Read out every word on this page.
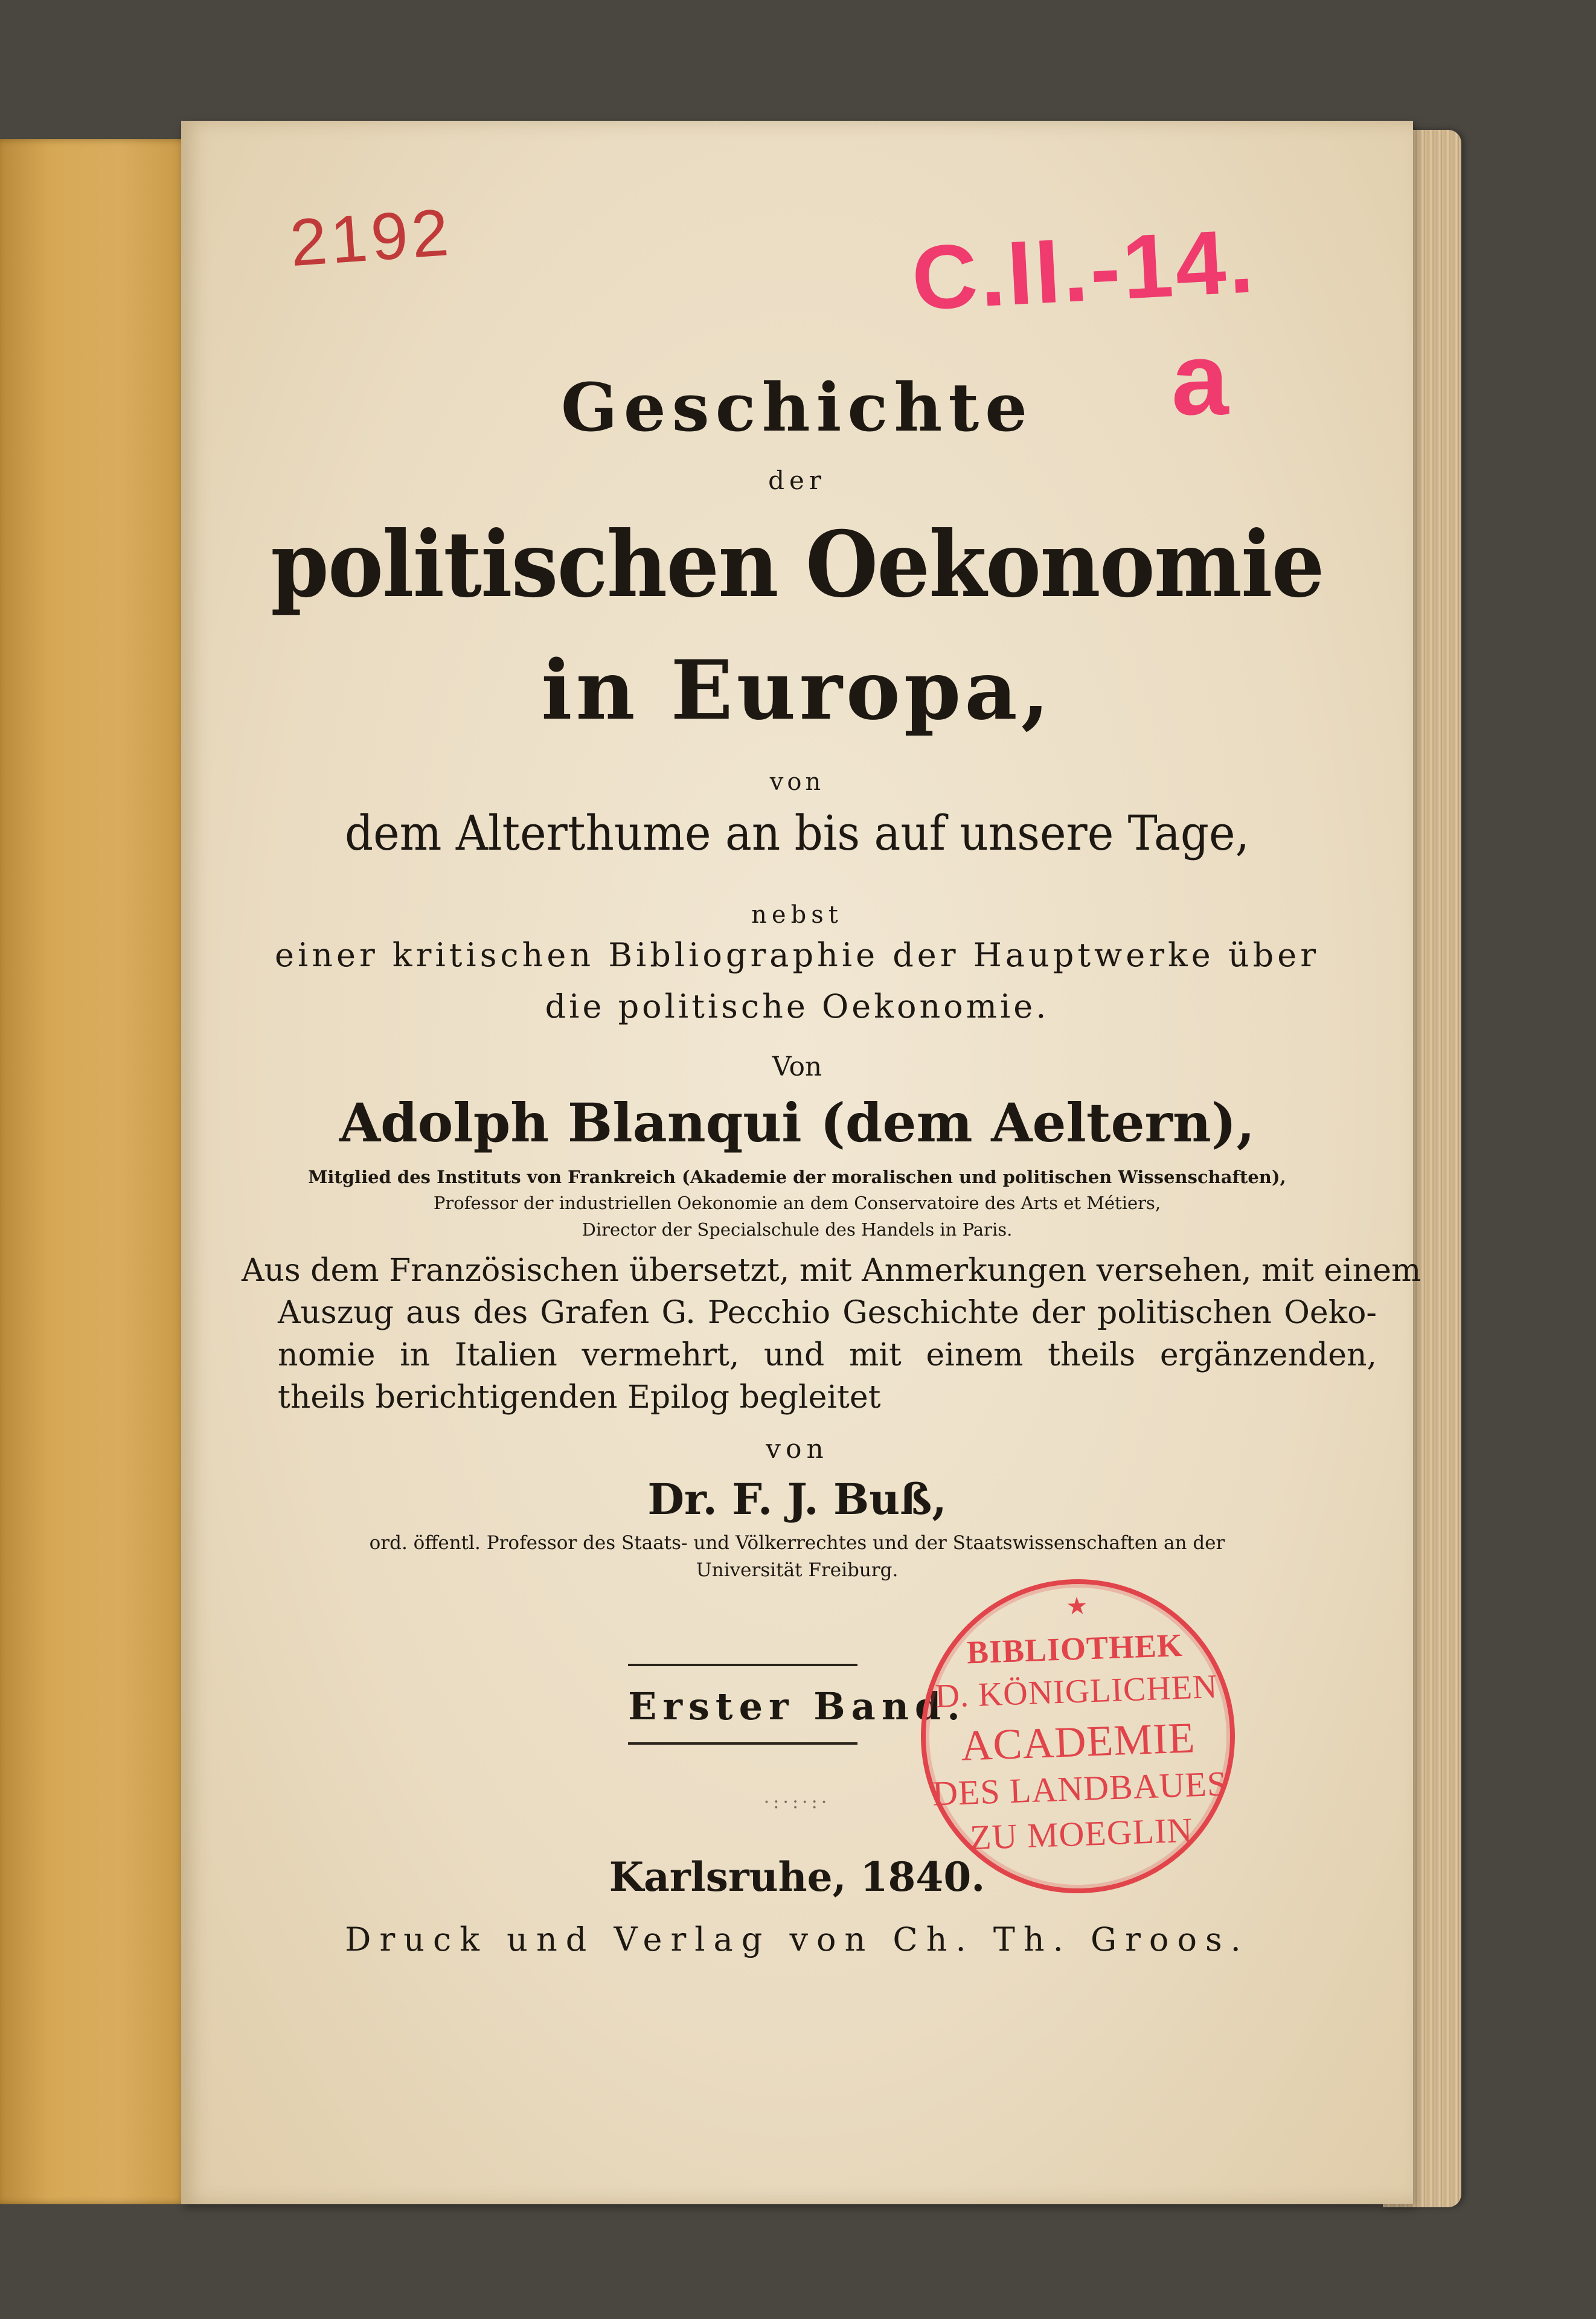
2192	C.II.-14.
a
Geschichte
der
politischen Oekonomie
in Europa,
von
dem Alterthume an bis auf unsere Tage,
nebst
einer kritischen Bibliographie der Hauptwerke über
die politische Oekonomie.
Von
Adolph Blanqui (dem Aeltern),
Mitglied des Instituts von Frankreich (Akademie der moralischen und politischen Wissenschaften),
Professor der industriellen Oekonomie an dem Conservatoire des Arts et Métiers,
Director der Specialschule des Handels in Paris.
Aus dem Französischen übersetzt, mit Anmerkungen versehen, mit einem
Auszug aus des Grafen G. Pecchio Geschichte der politischen Oeko-
nomie in Italien vermehrt, und mit einem theils ergänzenden,
theils berichtigenden Epilog begleitet
von
Dr. F. J. Buß,
ord. öffentl. Professor des Staats- und Völkerrechtes und der Staatswissenschaften an der
Universität Freiburg.
Erster Band.
★
BIBLIOTHEK
D. KÖNIGLICHEN
ACADEMIE
DES LANDBAUES
ZU MOEGLIN
·:·:·:·
Karlsruhe, 1840.
Druck und Verlag von Ch. Th. Groos.
